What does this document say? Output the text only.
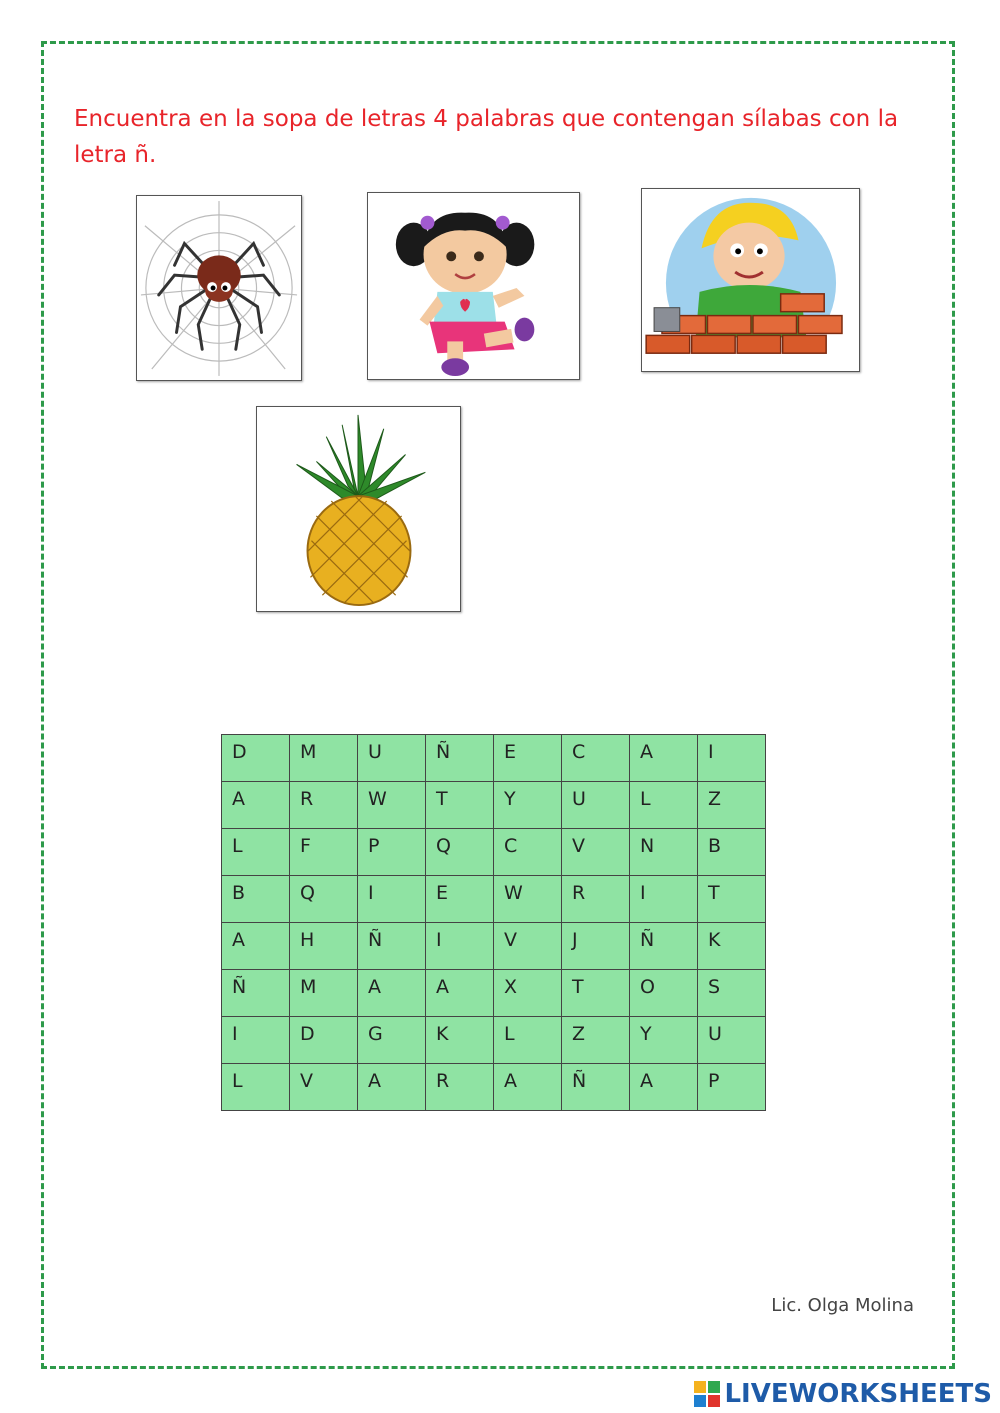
Encuentra en la sopa de letras 4 palabras que contengan sílabas con la letra ñ.

D	M	U	Ñ	E	C	A	I
A	R	W	T	Y	U	L	Z
L	F	P	Q	C	V	N	B
B	Q	I	E	W	R	I	T
A	H	Ñ	I	V	J	Ñ	K
Ñ	M	A	A	X	T	O	S
I	D	G	K	L	Z	Y	U
L	V	A	R	A	Ñ	A	P
Lic. Olga Molina
LIVEWORKSHEETS
